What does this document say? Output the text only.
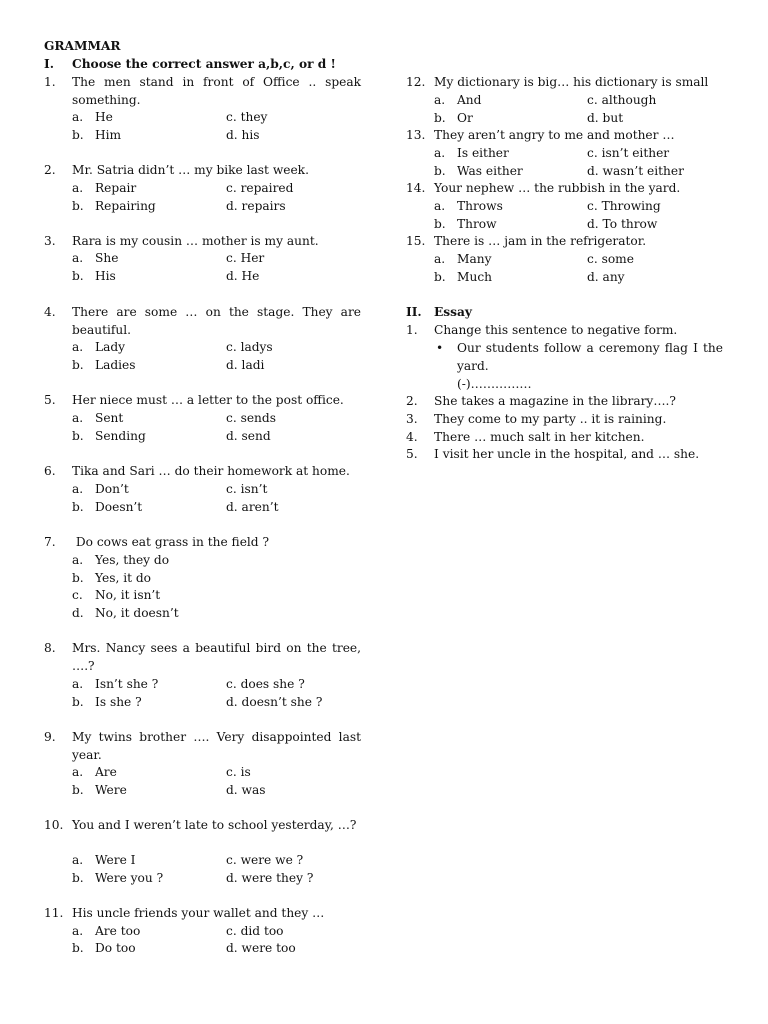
GRAMMAR
I. Choose the correct answer a,b,c, or d !
1. The men stand in front of Office .. speak something.
a. He
b. Him
c. they
d. his
2. Mr. Satria didn’t … my bike last week.
a. Repair
b. Repairing
c. repaired
d. repairs
3. Rara is my cousin … mother is my aunt.
a. She
b. His
c. Her
d. He
4. There are some … on the stage. They are beautiful.
a. Lady
b. Ladies
c. ladys
d. ladi
5. Her niece must … a letter to the post office.
a. Sent
b. Sending
c. sends
d. send
6. Tika and Sari … do their homework at home.
a. Don’t
b. Doesn’t
c. isn’t
d. aren’t
7. Do cows eat grass in the field ?
a. Yes, they do
b. Yes, it do
c. No, it isn’t
d. No, it doesn’t
8. Mrs. Nancy sees a beautiful bird on the tree, ….?
a. Isn’t she ?
b. Is she ?
c. does she ?
d. doesn’t she ?
9. My twins brother …. Very disappointed last year.
a. Are
b. Were
c. is
d. was
10. You and I weren’t late to school yesterday, …?
a. Were I
b. Were you ?
c. were we ?
d. were they ?
11. His uncle friends your wallet and they …
a. Are too
b. Do too
c. did too
d. were too
12. My dictionary is big… his dictionary is small
a. And
b. Or
c. although
d. but
13. They aren’t angry to me and mother …
a. Is either
b. Was either
c. isn’t either
d. wasn’t either
14. Your nephew … the rubbish in the yard.
a. Throws
b. Throw
c. Throwing
d. To throw
15. There is … jam in the refrigerator.
a. Many
b. Much
c. some
d. any
II. Essay
1. Change this sentence to negative form.
• Our students follow a ceremony flag I the yard.
(-)……………
2. She takes a magazine in the library….?
3. They come to my party .. it is raining.
4. There … much salt in her kitchen.
5. I visit her uncle in the hospital, and … she.
